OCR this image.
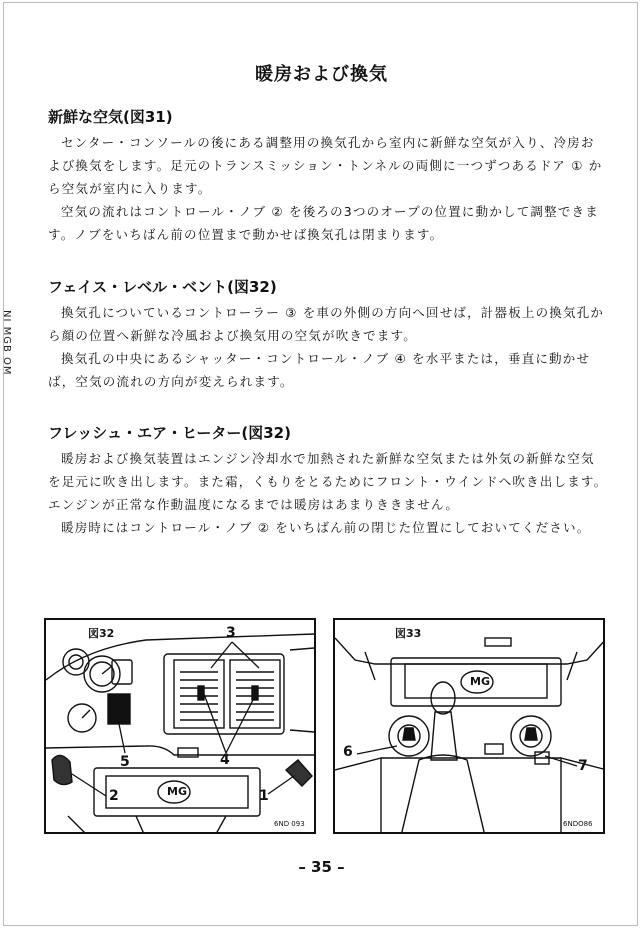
NI MGB OM
暖房および換気
新鮮な空気(図31)

センター・コンソールの後にある調整用の換気孔から室内に新鮮な空気が入り、冷房および換気をします。足元のトランスミッション・トンネルの両側に一つずつあるドア ① から空気が室内に入ります。

空気の流れはコントロール・ノブ ② を後ろの3つのオープの位置に動かして調整できます。ノブをいちばん前の位置まで動かせば換気孔は閉まります。

フェイス・レベル・ベント(図32)

換気孔についているコントローラー ③ を車の外側の方向へ回せば，計器板上の換気孔から顔の位置へ新鮮な冷風および換気用の空気が吹きでます。

換気孔の中央にあるシャッター・コントロール・ノブ ④ を水平または，垂直に動かせば，空気の流れの方向が変えられます。

フレッシュ・エア・ヒーター(図32)

暖房および換気装置はエンジン冷却水で加熱された新鮮な空気または外気の新鮮な空気を足元に吹き出します。また霜，くもりをとるためにフロント・ウインドへ吹き出します。エンジンが正常な作動温度になるまでは暖房はあまりききません。

暖房時にはコントロール・ノブ ② をいちばん前の閉じた位置にしておいてください。

図32	3
5	4
2	1
MG
6ND 093
図33
6
7
MG
6NDO86
– 35 –
